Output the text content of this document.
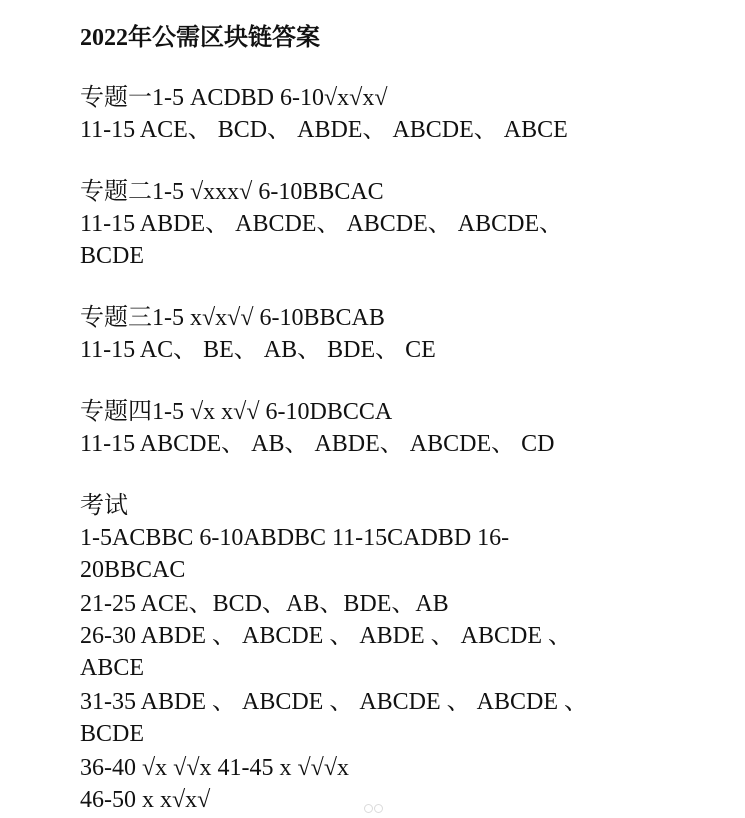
2022年公需区块链答案
专题一1-5 ACDBD 6-10√x√x√
11-15 ACE、 BCD、 ABDE、 ABCDE、 ABCE
专题二1-5 √xxx√ 6-10BBCAC
11-15 ABDE、 ABCDE、 ABCDE、 ABCDE、
BCDE
专题三1-5 x√x√√ 6-10BBCAB
11-15 AC、 BE、 AB、 BDE、 CE
专题四1-5 √x x√√ 6-10DBCCA
11-15 ABCDE、 AB、 ABDE、 ABCDE、 CD
考试
1-5ACBBC 6-10ABDBC 11-15CADBD 16-
20BBCAC
21-25 ACE、BCD、AB、BDE、AB
26-30 ABDE 、 ABCDE 、 ABDE 、 ABCDE 、
ABCE
31-35 ABDE 、 ABCDE 、 ABCDE 、 ABCDE 、
BCDE
36-40 √x √√x 41-45 x √√√x
46-50 x x√x√
